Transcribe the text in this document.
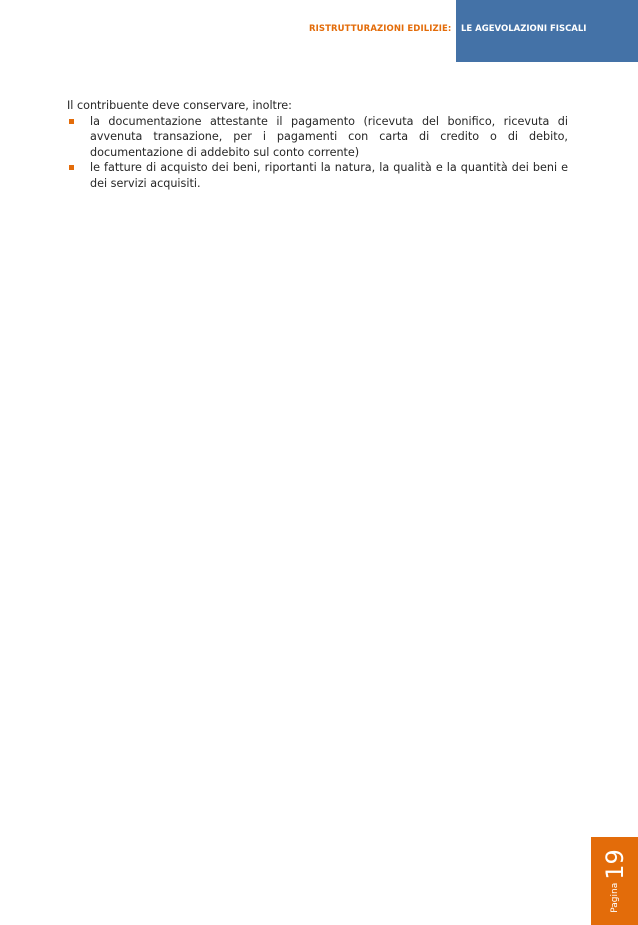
RISTRUTTURAZIONI EDILIZIE: LE AGEVOLAZIONI FISCALI

Il contribuente deve conservare, inoltre:

la documentazione attestante il pagamento (ricevuta del bonifico, ricevuta di avvenuta transazione, per i pagamenti con carta di credito o di debito, documentazione di addebito sul conto corrente)
le fatture di acquisto dei beni, riportanti la natura, la qualità e la quantità dei beni e dei servizi acquisiti.
Pagina
19
